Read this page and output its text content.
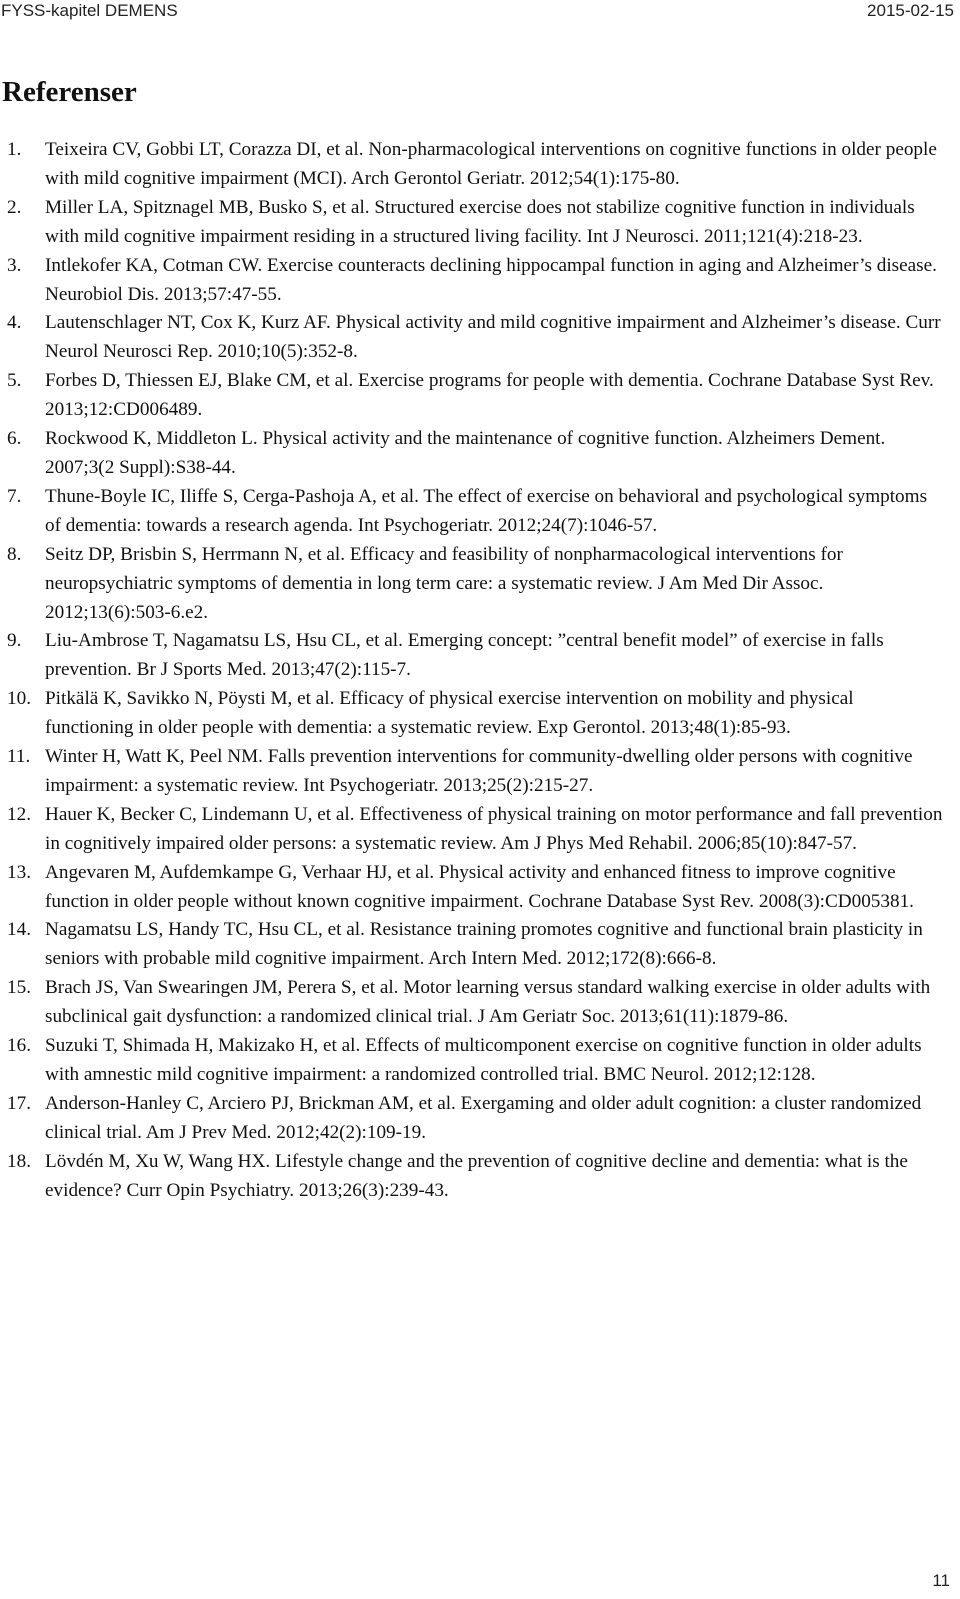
FYSS-kapitel DEMENS	2015-02-15
Referenser
1. Teixeira CV, Gobbi LT, Corazza DI, et al. Non-pharmacological interventions on cognitive functions in older people with mild cognitive impairment (MCI). Arch Gerontol Geriatr. 2012;54(1):175-80.
2. Miller LA, Spitznagel MB, Busko S, et al. Structured exercise does not stabilize cognitive function in individuals with mild cognitive impairment residing in a structured living facility. Int J Neurosci. 2011;121(4):218-23.
3. Intlekofer KA, Cotman CW. Exercise counteracts declining hippocampal function in aging and Alzheimer’s disease. Neurobiol Dis. 2013;57:47-55.
4. Lautenschlager NT, Cox K, Kurz AF. Physical activity and mild cognitive impairment and Alzheimer’s disease. Curr Neurol Neurosci Rep. 2010;10(5):352-8.
5. Forbes D, Thiessen EJ, Blake CM, et al. Exercise programs for people with dementia. Cochrane Database Syst Rev. 2013;12:CD006489.
6. Rockwood K, Middleton L. Physical activity and the maintenance of cognitive function. Alzheimers Dement. 2007;3(2 Suppl):S38-44.
7. Thune-Boyle IC, Iliffe S, Cerga-Pashoja A, et al. The effect of exercise on behavioral and psychological symptoms of dementia: towards a research agenda. Int Psychogeriatr. 2012;24(7):1046-57.
8. Seitz DP, Brisbin S, Herrmann N, et al. Efficacy and feasibility of nonpharmacological interventions for neuropsychiatric symptoms of dementia in long term care: a systematic review. J Am Med Dir Assoc. 2012;13(6):503-6.e2.
9. Liu-Ambrose T, Nagamatsu LS, Hsu CL, et al. Emerging concept: ”central benefit model” of exercise in falls prevention. Br J Sports Med. 2013;47(2):115-7.
10. Pitkälä K, Savikko N, Pöysti M, et al. Efficacy of physical exercise intervention on mobility and physical functioning in older people with dementia: a systematic review. Exp Gerontol. 2013;48(1):85-93.
11. Winter H, Watt K, Peel NM. Falls prevention interventions for community-dwelling older persons with cognitive impairment: a systematic review. Int Psychogeriatr. 2013;25(2):215-27.
12. Hauer K, Becker C, Lindemann U, et al. Effectiveness of physical training on motor performance and fall prevention in cognitively impaired older persons: a systematic review. Am J Phys Med Rehabil. 2006;85(10):847-57.
13. Angevaren M, Aufdemkampe G, Verhaar HJ, et al. Physical activity and enhanced fitness to improve cognitive function in older people without known cognitive impairment. Cochrane Database Syst Rev. 2008(3):CD005381.
14. Nagamatsu LS, Handy TC, Hsu CL, et al. Resistance training promotes cognitive and functional brain plasticity in seniors with probable mild cognitive impairment. Arch Intern Med. 2012;172(8):666-8.
15. Brach JS, Van Swearingen JM, Perera S, et al. Motor learning versus standard walking exercise in older adults with subclinical gait dysfunction: a randomized clinical trial. J Am Geriatr Soc. 2013;61(11):1879-86.
16. Suzuki T, Shimada H, Makizako H, et al. Effects of multicomponent exercise on cognitive function in older adults with amnestic mild cognitive impairment: a randomized controlled trial. BMC Neurol. 2012;12:128.
17. Anderson-Hanley C, Arciero PJ, Brickman AM, et al. Exergaming and older adult cognition: a cluster randomized clinical trial. Am J Prev Med. 2012;42(2):109-19.
18. Lövdén M, Xu W, Wang HX. Lifestyle change and the prevention of cognitive decline and dementia: what is the evidence? Curr Opin Psychiatry. 2013;26(3):239-43.
11
